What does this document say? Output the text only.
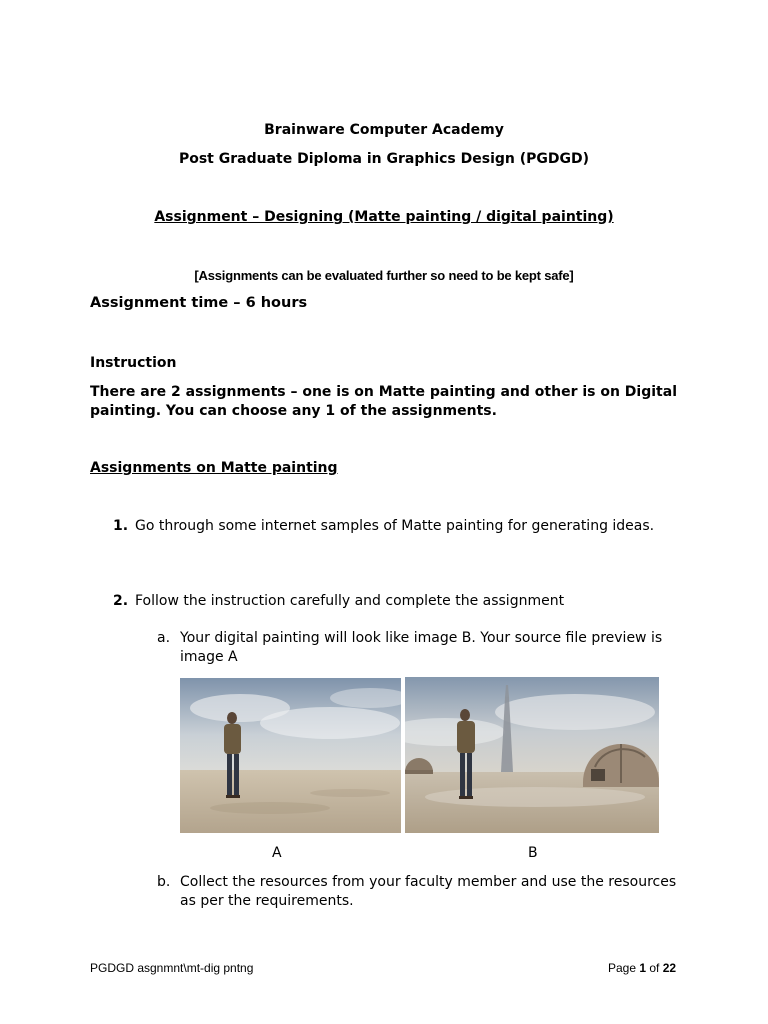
Brainware Computer Academy
Post Graduate Diploma in Graphics Design (PGDGD)
Assignment – Designing (Matte painting / digital painting)
[Assignments can be evaluated further so need to be kept safe]
Assignment time – 6 hours
Instruction
There are 2 assignments – one is on Matte painting and other is on Digital
painting. You can choose any 1 of the assignments.
Assignments on Matte painting
1. Go through some internet samples of Matte painting for generating ideas.
2. Follow the instruction carefully and complete the assignment
a. Your digital painting will look like image B. Your source file preview is
image A
A	B
b. Collect the resources from your faculty member and use the resources
as per the requirements.
PGDGD asgnmnt\mt-dig pntng	Page 1 of 22
